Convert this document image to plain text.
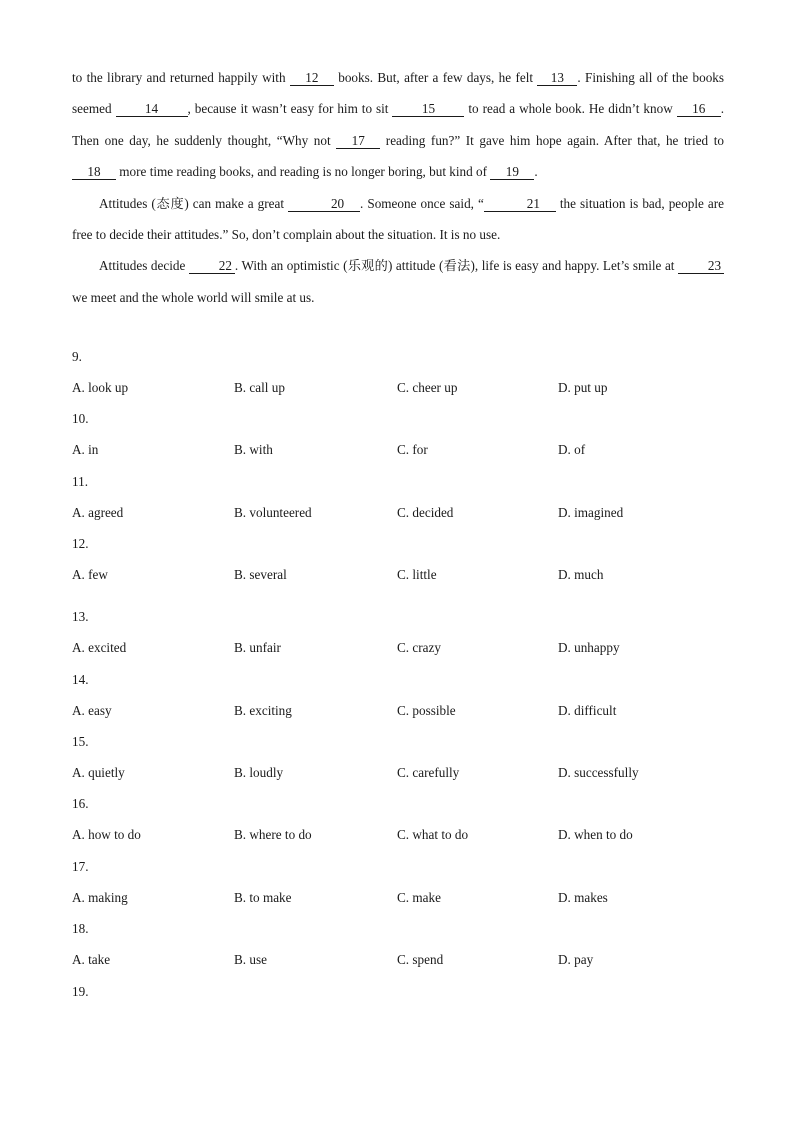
to the library and returned happily with 12 books. But, after a few days, he felt 13 . Finishing all of the books seemed 14 , because it wasn’t easy for him to sit 15 to read a whole book. He didn’t know 16 . Then one day, he suddenly thought, “Why not 17 reading fun?” It gave him hope again. After that, he tried to 18 more time reading books, and reading is no longer boring, but kind of 19 .

Attitudes (态度) can make a great	20 . Someone once said, “	21 the situation is bad, people are free to decide their attitudes.” So, don’t complain about the situation. It is no use.

Attitudes decide 22 . With an optimistic (乐观的) attitude (看法), life is easy and happy. Let’s smile at 23 we meet and the whole world will smile at us.

9.
A. look up	B. call up	C. cheer up	D. put up
10.
A. in	B. with	C. for	D. of
11.
A. agreed	B. volunteered	C. decided	D. imagined
12.
A. few	B. several	C. little	D. much
13.
A. excited	B. unfair	C. crazy	D. unhappy
14.
A. easy	B. exciting	C. possible	D. difficult
15.
A. quietly	B. loudly	C. carefully	D. successfully
16.
A. how to do	B. where to do	C. what to do	D. when to do
17.
A. making	B. to make	C. make	D. makes
18.
A. take	B. use	C. spend	D. pay
19.
